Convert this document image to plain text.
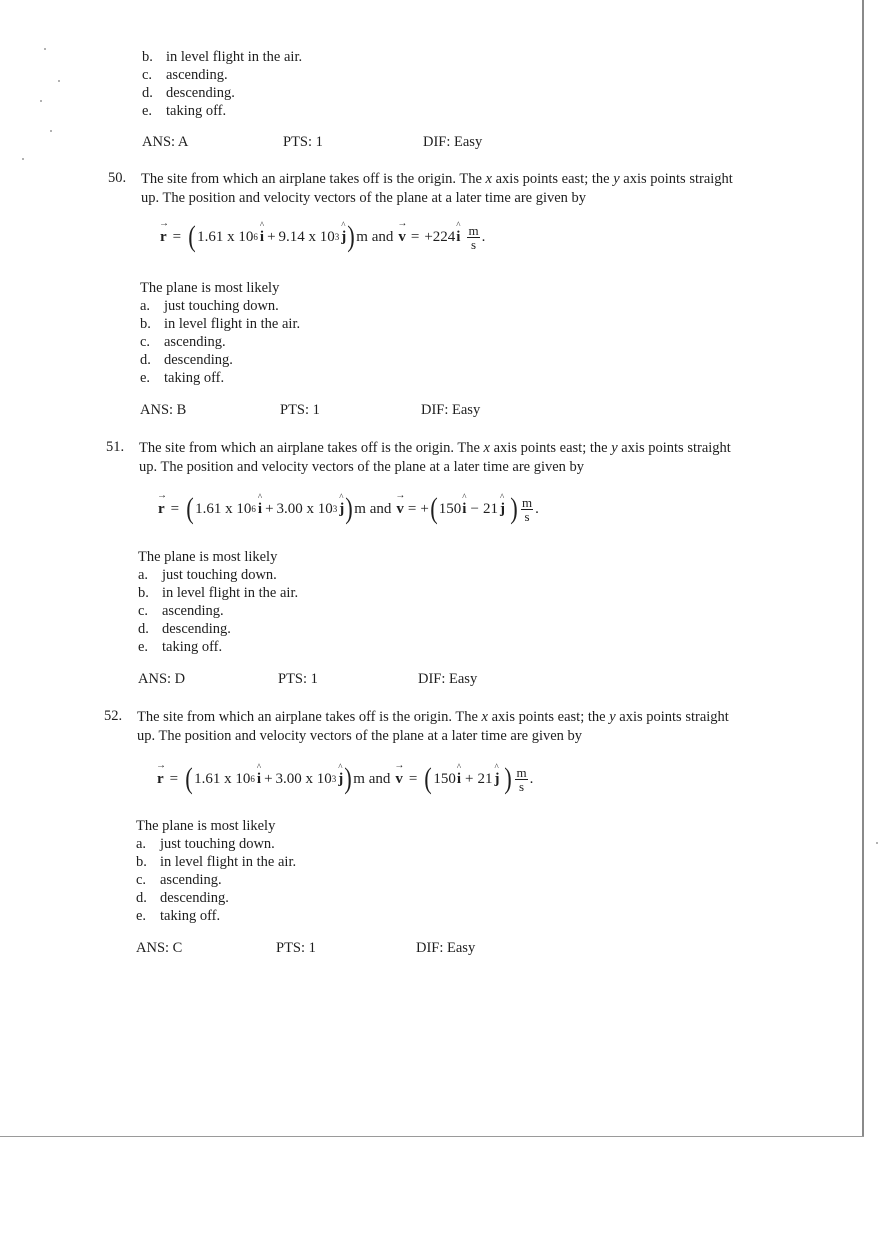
b. in level flight in the air.
c. ascending.
d. descending.
e. taking off.
ANS: A	PTS: 1	DIF: Easy
50. The site from which an airplane takes off is the origin. The x axis points east; the y axis points straight
up. The position and velocity vectors of the plane at a later time are given by
→ r = ( 1.61 x 10 6 ^ i + 9.14 x 10 3 ^ j ) m and → v = +224 ^ i $\frac{m}{s}$ .
The plane is most likely
a. just touching down.
b. in level flight in the air.
c. ascending.
d. descending.
e. taking off.
ANS: B	PTS: 1	DIF: Easy
51. The site from which an airplane takes off is the origin. The x axis points east; the y axis points straight
up. The position and velocity vectors of the plane at a later time are given by
→ r = ( 1.61 x 10 6 ^ i + 3.00 x 10 3 ^ j ) m and → v = + ( 150 ^ i − 21 ^ j ) $\frac{m}{s}$ .
The plane is most likely
a. just touching down.
b. in level flight in the air.
c. ascending.
d. descending.
e. taking off.
ANS: D	PTS: 1	DIF: Easy
52. The site from which an airplane takes off is the origin. The x axis points east; the y axis points straight
up. The position and velocity vectors of the plane at a later time are given by
→ r = ( 1.61 x 10 6 ^ i + 3.00 x 10 3 ^ j ) m and → v = ( 150 ^ i + 21 ^ j ) $\frac{m}{s}$ .
The plane is most likely
a. just touching down.
b. in level flight in the air.
c. ascending.
d. descending.
e. taking off.
ANS: C	PTS: 1	DIF: Easy
